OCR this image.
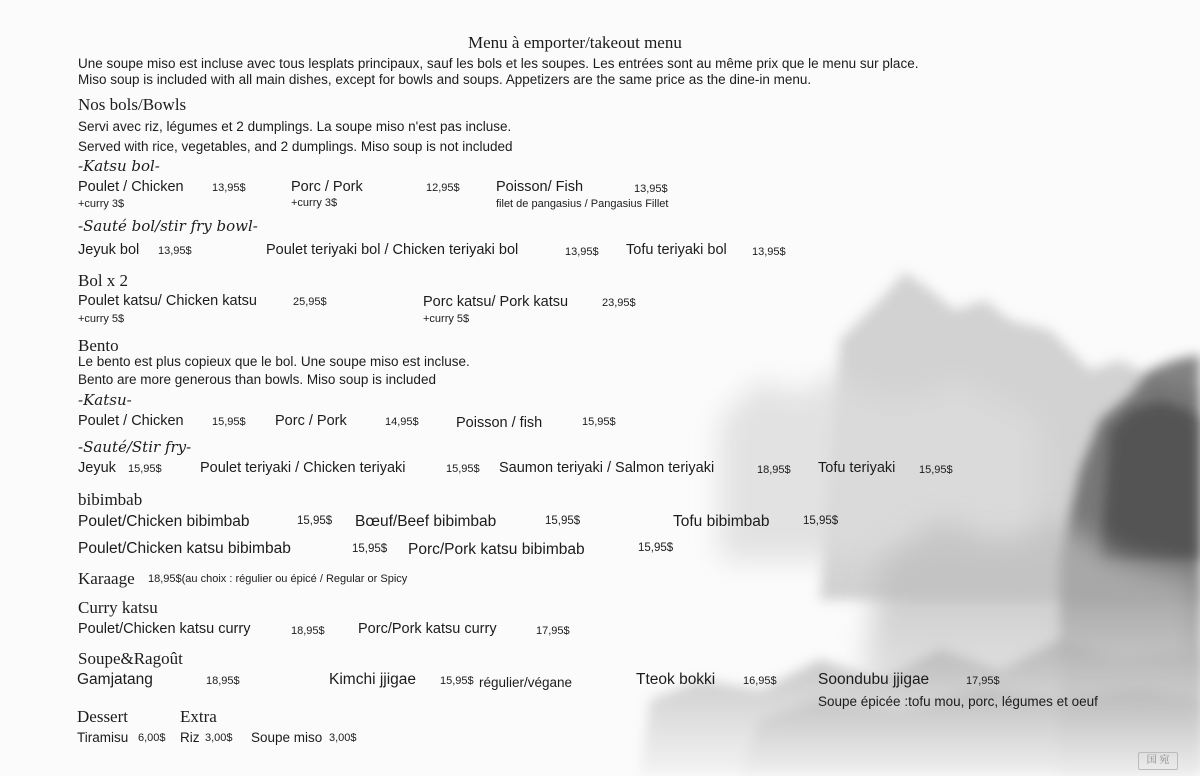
国 宛
Menu à emporter/takeout menu
Une soupe miso est incluse avec tous lesplats principaux, sauf les bols et les soupes. Les entrées sont au même prix que le menu sur place.
Miso soup is included with all main dishes, except for bowls and soups. Appetizers are the same price as the dine-in menu.
Nos bols/Bowls
Servi avec riz, légumes et 2 dumplings. La soupe miso n'est pas incluse.
Served with rice, vegetables, and 2 dumplings. Miso soup is not included
-Katsu bol-
Poulet / Chicken	13,95$
+curry 3$
Porc / Pork	12,95$
+curry 3$
Poisson/ Fish	13,95$
filet de pangasius / Pangasius Fillet
-Sauté bol/stir fry bowl-
Jeyuk bol 13,95$	Poulet teriyaki bol / Chicken teriyaki bol	13,95$ Tofu teriyaki bol 13,95$
Bol x 2
Poulet katsu/ Chicken katsu	25,95$
+curry 5$
Porc katsu/ Pork katsu	23,95$
+curry 5$
Bento
Le bento est plus copieux que le bol. Une soupe miso est incluse.
Bento are more generous than bowls. Miso soup is included
-Katsu-
Poulet / Chicken	15,95$ Porc / Pork	14,95$	Poisson / fish	15,95$
-Sauté/Stir fry-
Jeyuk 15,95$	Poulet teriyaki / Chicken teriyaki	15,95$ Saumon teriyaki / Salmon teriyaki	18,95$ Tofu teriyaki 15,95$
bibimbab
Poulet/Chicken bibimbab	15,95$ Bœuf/Beef bibimbab	15,95$	Tofu bibimbab	15,95$
Poulet/Chicken katsu bibimbab	15,95$ Porc/Pork katsu bibimbab	15,95$
Karaage 18,95$(au choix : régulier ou épicé / Regular or Spicy
Curry katsu
Poulet/Chicken katsu curry	18,95$ Porc/Pork katsu curry	17,95$
Soupe&Ragoût
Gamjatang	18,95$	Kimchi jjigae 15,95$ régulier/végane	Tteok bokki	16,95$	Soondubu jjigae	17,95$
Soupe épicée :tofu mou, porc, légumes et oeuf
Dessert	Extra
Tiramisu 6,00$ Riz 3,00$ Soupe miso 3,00$
